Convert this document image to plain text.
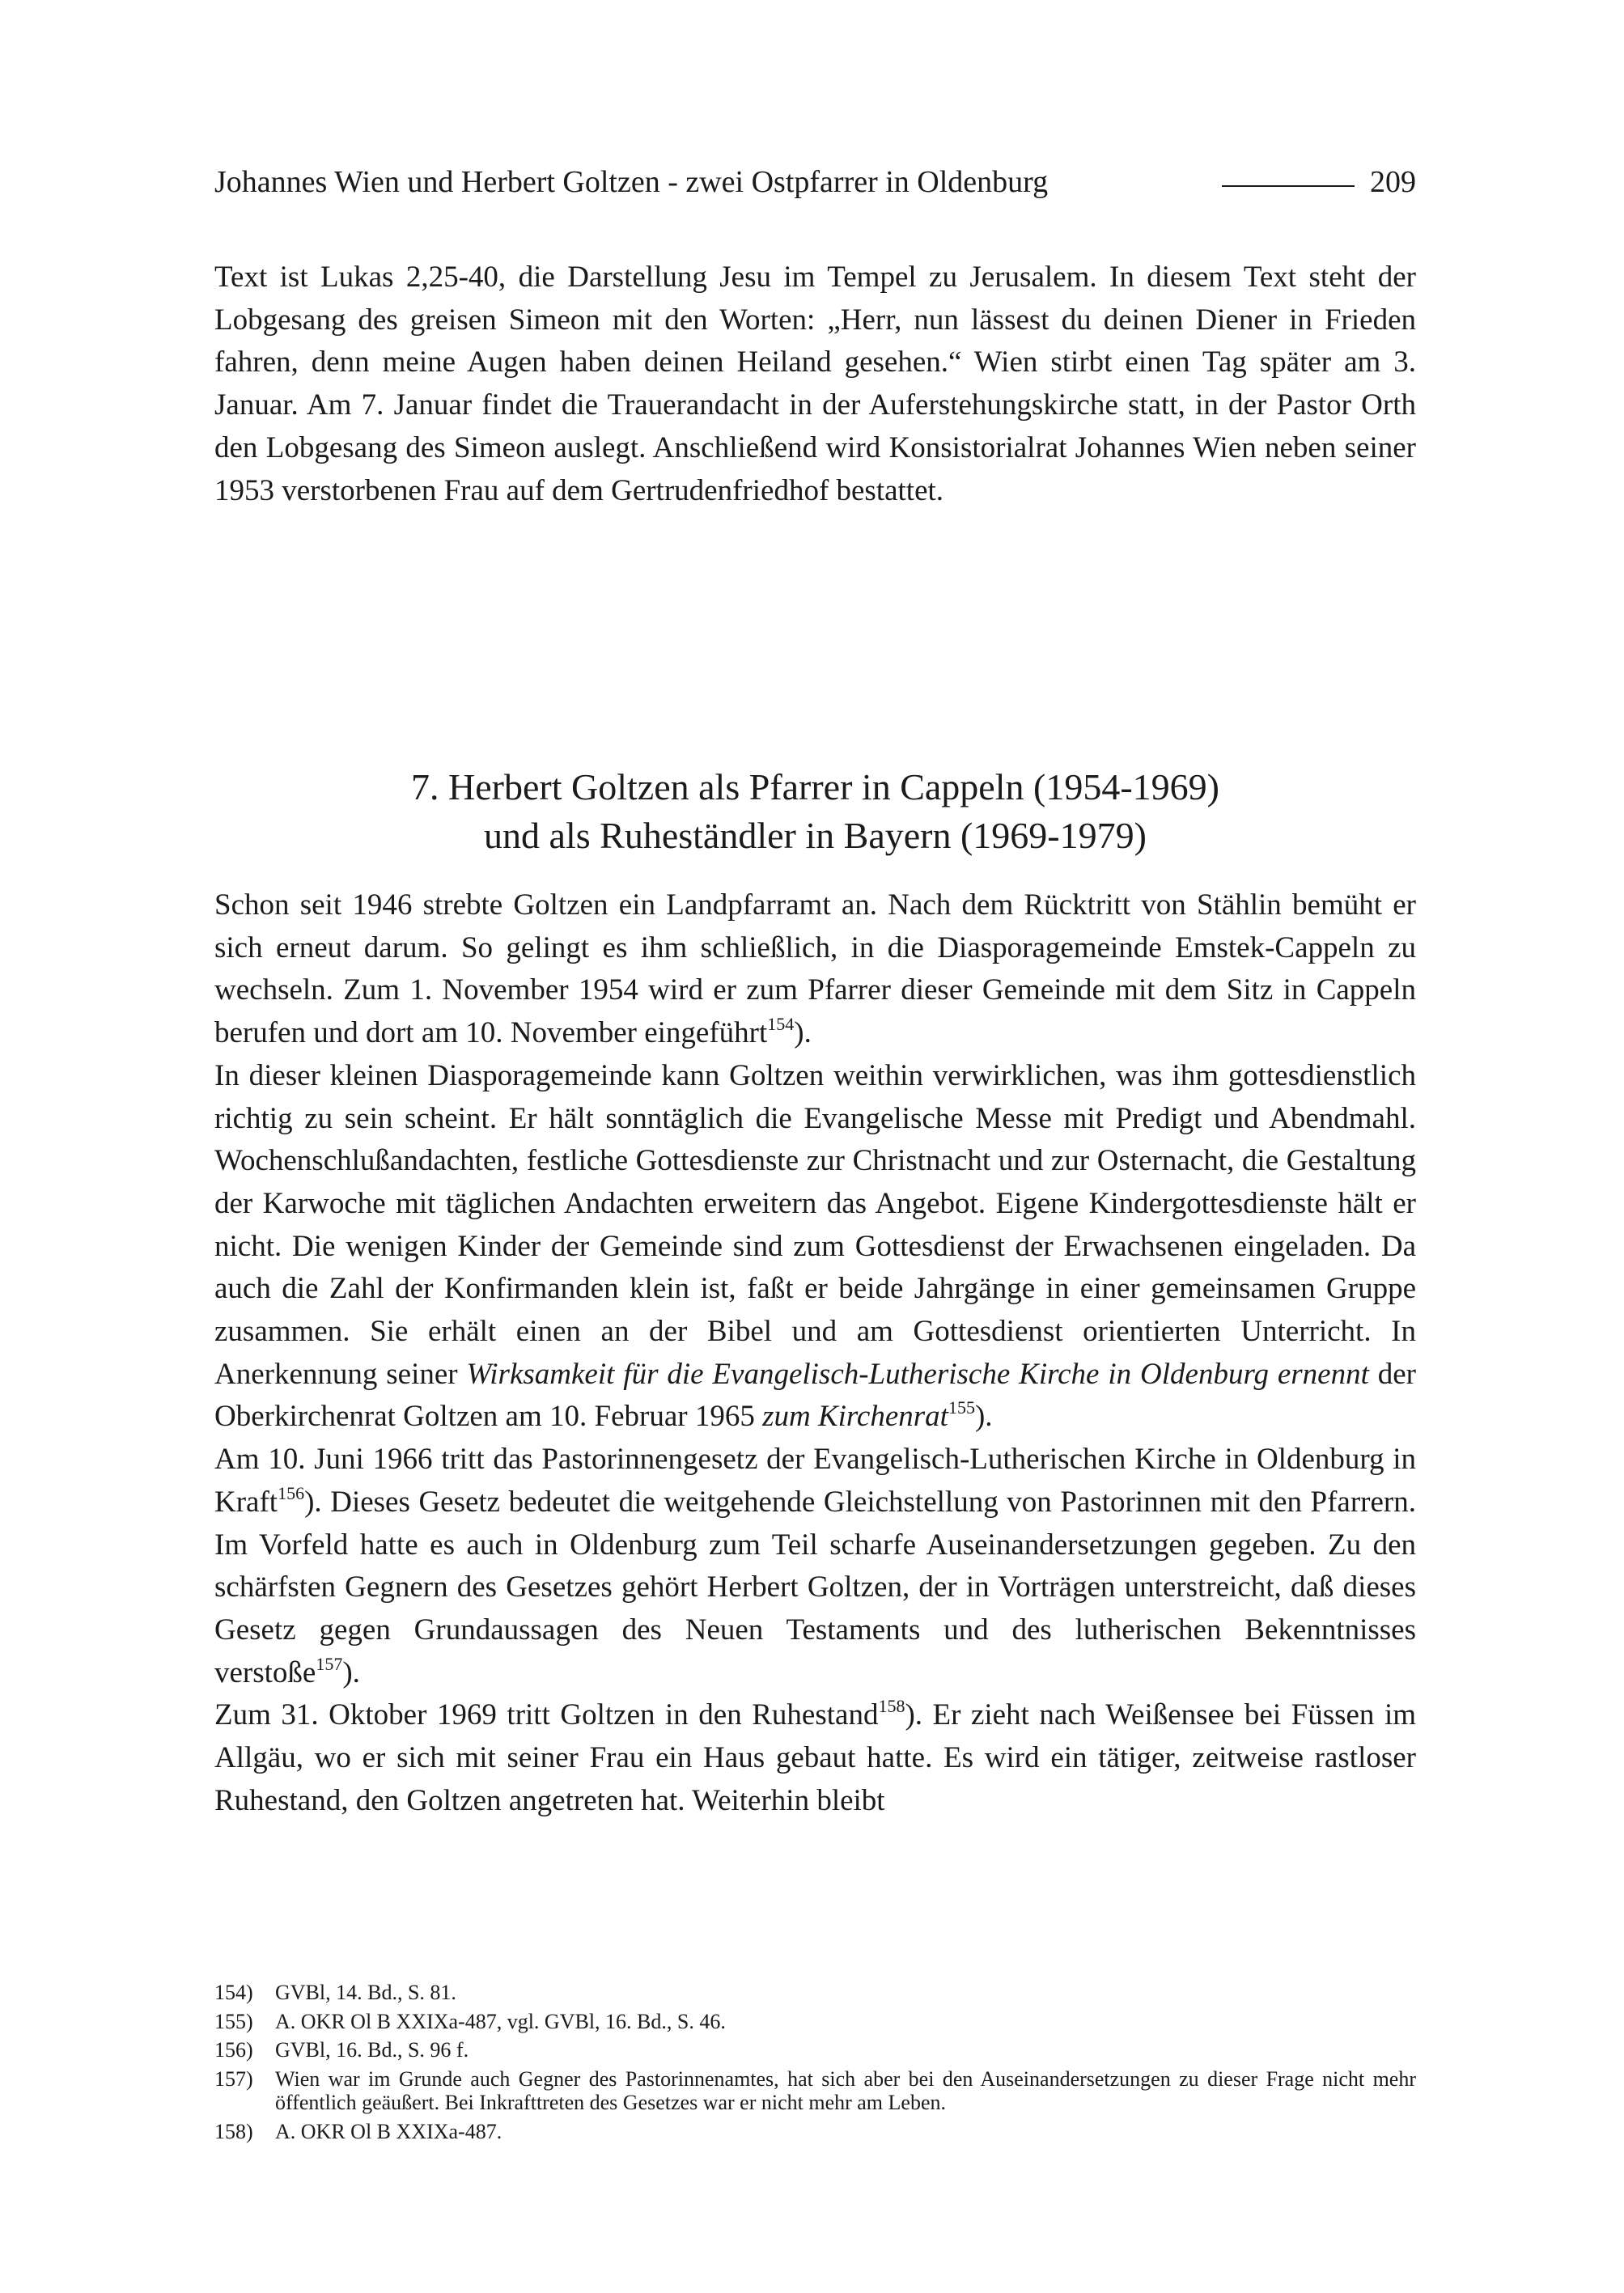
Johannes Wien und Herbert Goltzen - zwei Ostpfarrer in Oldenburg	209

Text ist Lukas 2,25-40, die Darstellung Jesu im Tempel zu Jerusalem. In diesem Text steht der Lobgesang des greisen Simeon mit den Worten: „Herr, nun lässest du deinen Diener in Frieden fahren, denn meine Augen haben deinen Heiland gesehen.“ Wien stirbt einen Tag später am 3. Januar. Am 7. Januar findet die Trauerandacht in der Auferstehungskirche statt, in der Pastor Orth den Lobgesang des Simeon auslegt. Anschließend wird Konsistorialrat Johannes Wien neben seiner 1953 verstorbenen Frau auf dem Gertrudenfriedhof bestattet.

7. Herbert Goltzen als Pfarrer in Cappeln (1954-1969)
und als Ruheständler in Bayern (1969-1979)

Schon seit 1946 strebte Goltzen ein Landpfarramt an. Nach dem Rücktritt von Stählin bemüht er sich erneut darum. So gelingt es ihm schließlich, in die Diasporagemeinde Emstek-Cappeln zu wechseln. Zum 1. November 1954 wird er zum Pfarrer dieser Gemeinde mit dem Sitz in Cappeln berufen und dort am 10. November eingeführt$^{154}$).

In dieser kleinen Diasporagemeinde kann Goltzen weithin verwirklichen, was ihm gottesdienstlich richtig zu sein scheint. Er hält sonntäglich die Evangelische Messe mit Predigt und Abendmahl. Wochenschlußandachten, festliche Gottesdienste zur Christnacht und zur Osternacht, die Gestaltung der Karwoche mit täglichen Andachten erweitern das Angebot. Eigene Kindergottesdienste hält er nicht. Die wenigen Kinder der Gemeinde sind zum Gottesdienst der Erwachsenen eingeladen. Da auch die Zahl der Konfirmanden klein ist, faßt er beide Jahrgänge in einer gemeinsamen Gruppe zusammen. Sie erhält einen an der Bibel und am Gottesdienst orientierten Unterricht. In Anerkennung seiner Wirksamkeit für die Evangelisch-Lutherische Kirche in Oldenburg ernennt der Oberkirchenrat Goltzen am 10. Februar 1965 zum Kirchenrat$^{155}$).

Am 10. Juni 1966 tritt das Pastorinnengesetz der Evangelisch-Lutherischen Kirche in Oldenburg in Kraft$^{156}$). Dieses Gesetz bedeutet die weitgehende Gleichstellung von Pastorinnen mit den Pfarrern. Im Vorfeld hatte es auch in Oldenburg zum Teil scharfe Auseinandersetzungen gegeben. Zu den schärfsten Gegnern des Gesetzes gehört Herbert Goltzen, der in Vorträgen unterstreicht, daß dieses Gesetz gegen Grundaussagen des Neuen Testaments und des lutherischen Bekenntnisses verstoße$^{157}$).

Zum 31. Oktober 1969 tritt Goltzen in den Ruhestand$^{158}$). Er zieht nach Weißensee bei Füssen im Allgäu, wo er sich mit seiner Frau ein Haus gebaut hatte. Es wird ein tätiger, zeitweise rastloser Ruhestand, den Goltzen angetreten hat. Weiterhin bleibt

154)	GVBl, 14. Bd., S. 81.
155)	A. OKR Ol B XXIXa-487, vgl. GVBl, 16. Bd., S. 46.
156)	GVBl, 16. Bd., S. 96 f.
157)	Wien war im Grunde auch Gegner des Pastorinnenamtes, hat sich aber bei den Auseinandersetzungen zu dieser Frage nicht mehr öffentlich geäußert. Bei Inkrafttreten des Gesetzes war er nicht mehr am Leben.
158)	A. OKR Ol B XXIXa-487.
